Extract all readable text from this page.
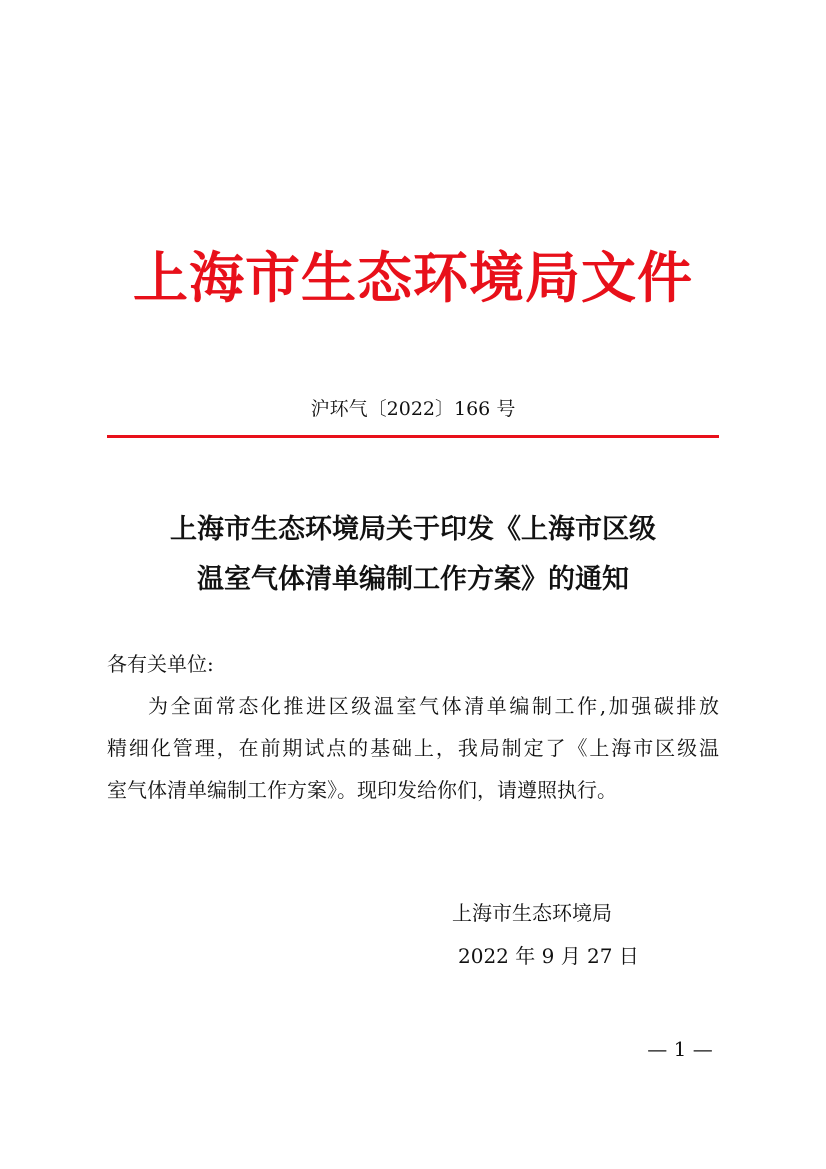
上海市生态环境局文件
沪环气〔2022〕166 号
上海市生态环境局关于印发《上海市区级
温室气体清单编制工作方案》的通知
各有关单位:
为全面常态化推进区级温室气体清单编制工作,加强碳排放
精细化管理，在前期试点的基础上，我局制定了《上海市区级温
室气体清单编制工作方案》。现印发给你们，请遵照执行。
上海市生态环境局
2022 年 9 月 27 日
— 1 —
